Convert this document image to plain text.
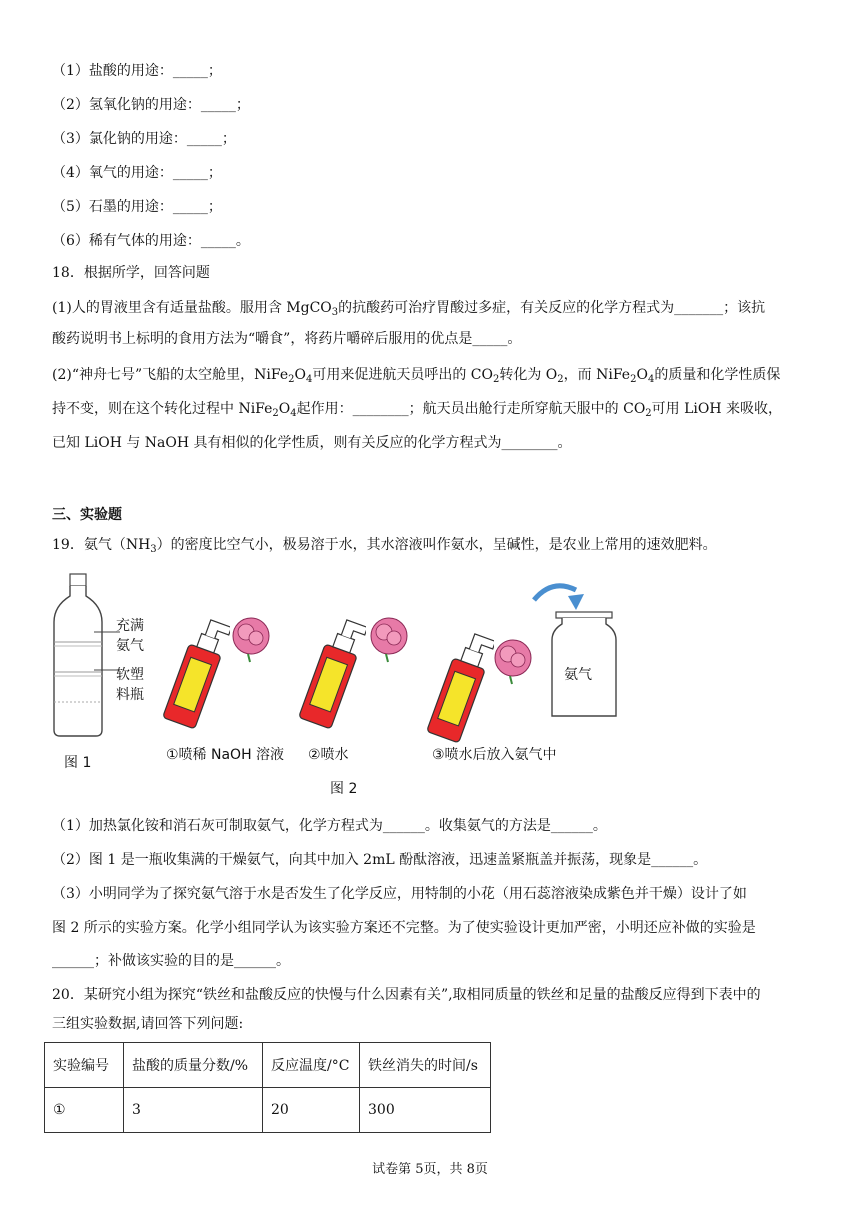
（1）盐酸的用途：_____；
（2）氢氧化钠的用途：_____；
（3）氯化钠的用途：_____；
（4）氧气的用途：_____；
（5）石墨的用途：_____；
（6）稀有气体的用途：_____。
18．根据所学，回答问题
(1)人的胃液里含有适量盐酸。服用含 MgCO$_3$的抗酸药可治疗胃酸过多症，有关反应的化学方程式为_______；该抗
酸药说明书上标明的食用方法为“嚼食”，将药片嚼碎后服用的优点是_____。
(2)“神舟七号”飞船的太空舱里，$NiFe_2O_4$可用来促进航天员呼出的 $CO_2$转化为 $O_2$，而 $NiFe_2O_4$的质量和化学性质保
持不变，则在这个转化过程中 $NiFe_2O_4$起作用：________；航天员出舱行走所穿航天服中的 $CO_2$可用 LiOH 来吸收，
已知 LiOH 与 NaOH 具有相似的化学性质，则有关反应的化学方程式为________。
三、实验题
19．氨气$(NH_3)$的密度比空气小，极易溶于水，其水溶液叫作氨水，呈碱性，是农业上常用的速效肥料。
充满氨气
软塑料瓶
图 1
氨气
①喷稀 NaOH 溶液 ②喷水	③喷水后放入氨气中
图 2
（1）加热氯化铵和消石灰可制取氨气，化学方程式为______。收集氨气的方法是______。
（2）图 1 是一瓶收集满的干燥氨气，向其中加入 2mL 酚酞溶液，迅速盖紧瓶盖并振荡，现象是______。
（3）小明同学为了探究氨气溶于水是否发生了化学反应，用特制的小花（用石蕊溶液染成紫色并干燥）设计了如
图 2 所示的实验方案。化学小组同学认为该实验方案还不完整。为了使实验设计更加严密，小明还应补做的实验是
______；补做该实验的目的是______。
20．某研究小组为探究“铁丝和盐酸反应的快慢与什么因素有关”,取相同质量的铁丝和足量的盐酸反应得到下表中的
三组实验数据,请回答下列问题:
实验编号	盐酸的质量分数/%	反应温度/°C	铁丝消失的时间/s
①	3	20	300
试卷第 5页，共 8页
